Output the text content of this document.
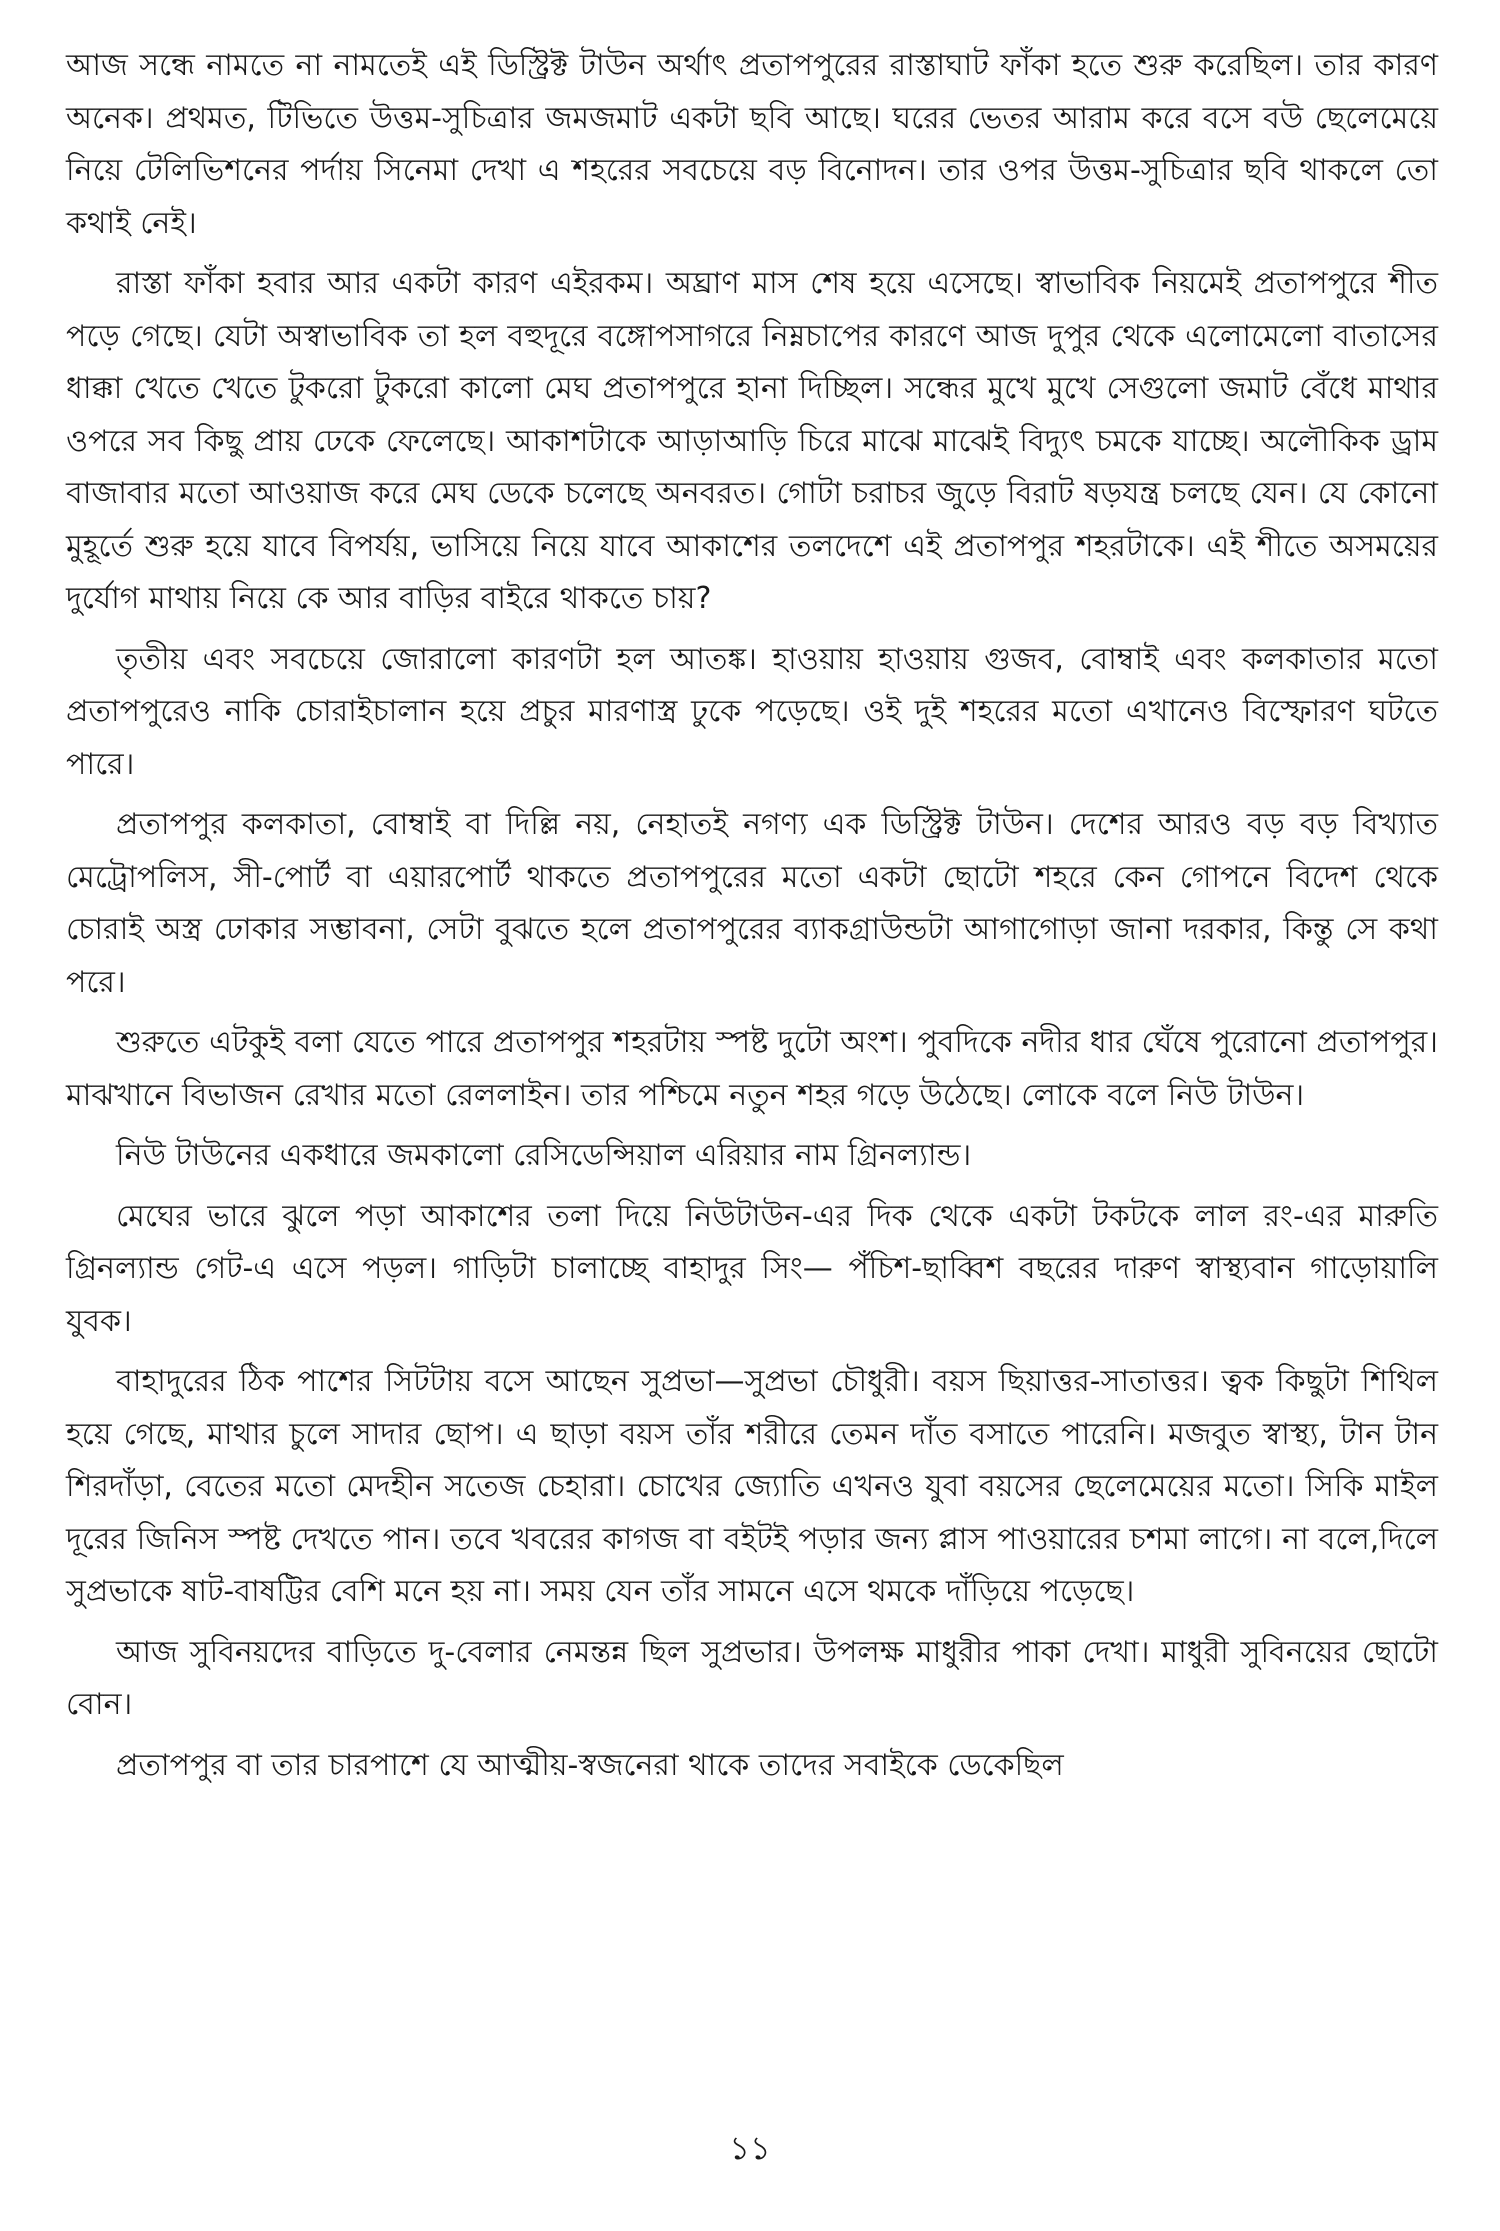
আজ সন্ধে নামতে না নামতেই এই ডিস্ট্রিক্ট টাউন অর্থাৎ প্রতাপপুরের রাস্তাঘাট ফাঁকা হতে শুরু করেছিল। তার কারণ অনেক। প্রথমত, টিভিতে উত্তম-সুচিত্রার জমজমাট একটা ছবি আছে। ঘরের ভেতর আরাম করে বসে বউ ছেলেমেয়ে নিয়ে টেলিভিশনের পর্দায় সিনেমা দেখা এ শহরের সবচেয়ে বড় বিনোদন। তার ওপর উত্তম-সুচিত্রার ছবি থাকলে তো কথাই নেই।

রাস্তা ফাঁকা হবার আর একটা কারণ এইরকম। অঘ্রাণ মাস শেষ হয়ে এসেছে। স্বাভাবিক নিয়মেই প্রতাপপুরে শীত পড়ে গেছে। যেটা অস্বাভাবিক তা হল বহুদূরে বঙ্গোপসাগরে নিম্নচাপের কারণে আজ দুপুর থেকে এলোমেলো বাতাসের ধাক্কা খেতে খেতে টুকরো টুকরো কালো মেঘ প্রতাপপুরে হানা দিচ্ছিল। সন্ধের মুখে মুখে সেগুলো জমাট বেঁধে মাথার ওপরে সব কিছু প্রায় ঢেকে ফেলেছে। আকাশটাকে আড়াআড়ি চিরে মাঝে মাঝেই বিদ্যুৎ চমকে যাচ্ছে। অলৌকিক ড্রাম বাজাবার মতো আওয়াজ করে মেঘ ডেকে চলেছে অনবরত। গোটা চরাচর জুড়ে বিরাট ষড়যন্ত্র চলছে যেন। যে কোনো মুহূর্তে শুরু হয়ে যাবে বিপর্যয়, ভাসিয়ে নিয়ে যাবে আকাশের তলদেশে এই প্রতাপপুর শহরটাকে। এই শীতে অসময়ের দুর্যোগ মাথায় নিয়ে কে আর বাড়ির বাইরে থাকতে চায়?

তৃতীয় এবং সবচেয়ে জোরালো কারণটা হল আতঙ্ক। হাওয়ায় হাওয়ায় গুজব, বোম্বাই এবং কলকাতার মতো প্রতাপপুরেও নাকি চোরাইচালান হয়ে প্রচুর মারণাস্ত্র ঢুকে পড়েছে। ওই দুই শহরের মতো এখানেও বিস্ফোরণ ঘটতে পারে।

প্রতাপপুর কলকাতা, বোম্বাই বা দিল্লি নয়, নেহাতই নগণ্য এক ডিস্ট্রিক্ট টাউন। দেশের আরও বড় বড় বিখ্যাত মেট্রোপলিস, সী-পোর্ট বা এয়ারপোর্ট থাকতে প্রতাপপুরের মতো একটা ছোটো শহরে কেন গোপনে বিদেশ থেকে চোরাই অস্ত্র ঢোকার সম্ভাবনা, সেটা বুঝতে হলে প্রতাপপুরের ব্যাকগ্রাউন্ডটা আগাগোড়া জানা দরকার, কিন্তু সে কথা পরে।

শুরুতে এটকুই বলা যেতে পারে প্রতাপপুর শহরটায় স্পষ্ট দুটো অংশ। পুবদিকে নদীর ধার ঘেঁষে পুরোনো প্রতাপপুর। মাঝখানে বিভাজন রেখার মতো রেললাইন। তার পশ্চিমে নতুন শহর গড়ে উঠেছে। লোকে বলে নিউ টাউন।

নিউ টাউনের একধারে জমকালো রেসিডেন্সিয়াল এরিয়ার নাম গ্রিনল্যান্ড।

মেঘের ভারে ঝুলে পড়া আকাশের তলা দিয়ে নিউটাউন-এর দিক থেকে একটা টকটকে লাল রং-এর মারুতি গ্রিনল্যান্ড গেট-এ এসে পড়ল। গাড়িটা চালাচ্ছে বাহাদুর সিং— পঁচিশ-ছাব্বিশ বছরের দারুণ স্বাস্থ্যবান গাড়োয়ালি যুবক।

বাহাদুরের ঠিক পাশের সিটটায় বসে আছেন সুপ্রভা—সুপ্রভা চৌধুরী। বয়স ছিয়াত্তর-সাতাত্তর। ত্বক কিছুটা শিথিল হয়ে গেছে, মাথার চুলে সাদার ছোপ। এ ছাড়া বয়স তাঁর শরীরে তেমন দাঁত বসাতে পারেনি। মজবুত স্বাস্থ্য, টান টান শিরদাঁড়া, বেতের মতো মেদহীন সতেজ চেহারা। চোখের জ্যোতি এখনও যুবা বয়সের ছেলেমেয়ের মতো। সিকি মাইল দূরের জিনিস স্পষ্ট দেখতে পান। তবে খবরের কাগজ বা বইটই পড়ার জন্য প্লাস পাওয়ারের চশমা লাগে। না বলে,দিলে সুপ্রভাকে ষাট-বাষট্টির বেশি মনে হয় না। সময় যেন তাঁর সামনে এসে থমকে দাঁড়িয়ে পড়েছে।

আজ সুবিনয়দের বাড়িতে দু-বেলার নেমন্তন্ন ছিল সুপ্রভার। উপলক্ষ মাধুরীর পাকা দেখা। মাধুরী সুবিনয়ের ছোটো বোন।

প্রতাপপুর বা তার চারপাশে যে আত্মীয়-স্বজনেরা থাকে তাদের সবাইকে ডেকেছিল

১১
